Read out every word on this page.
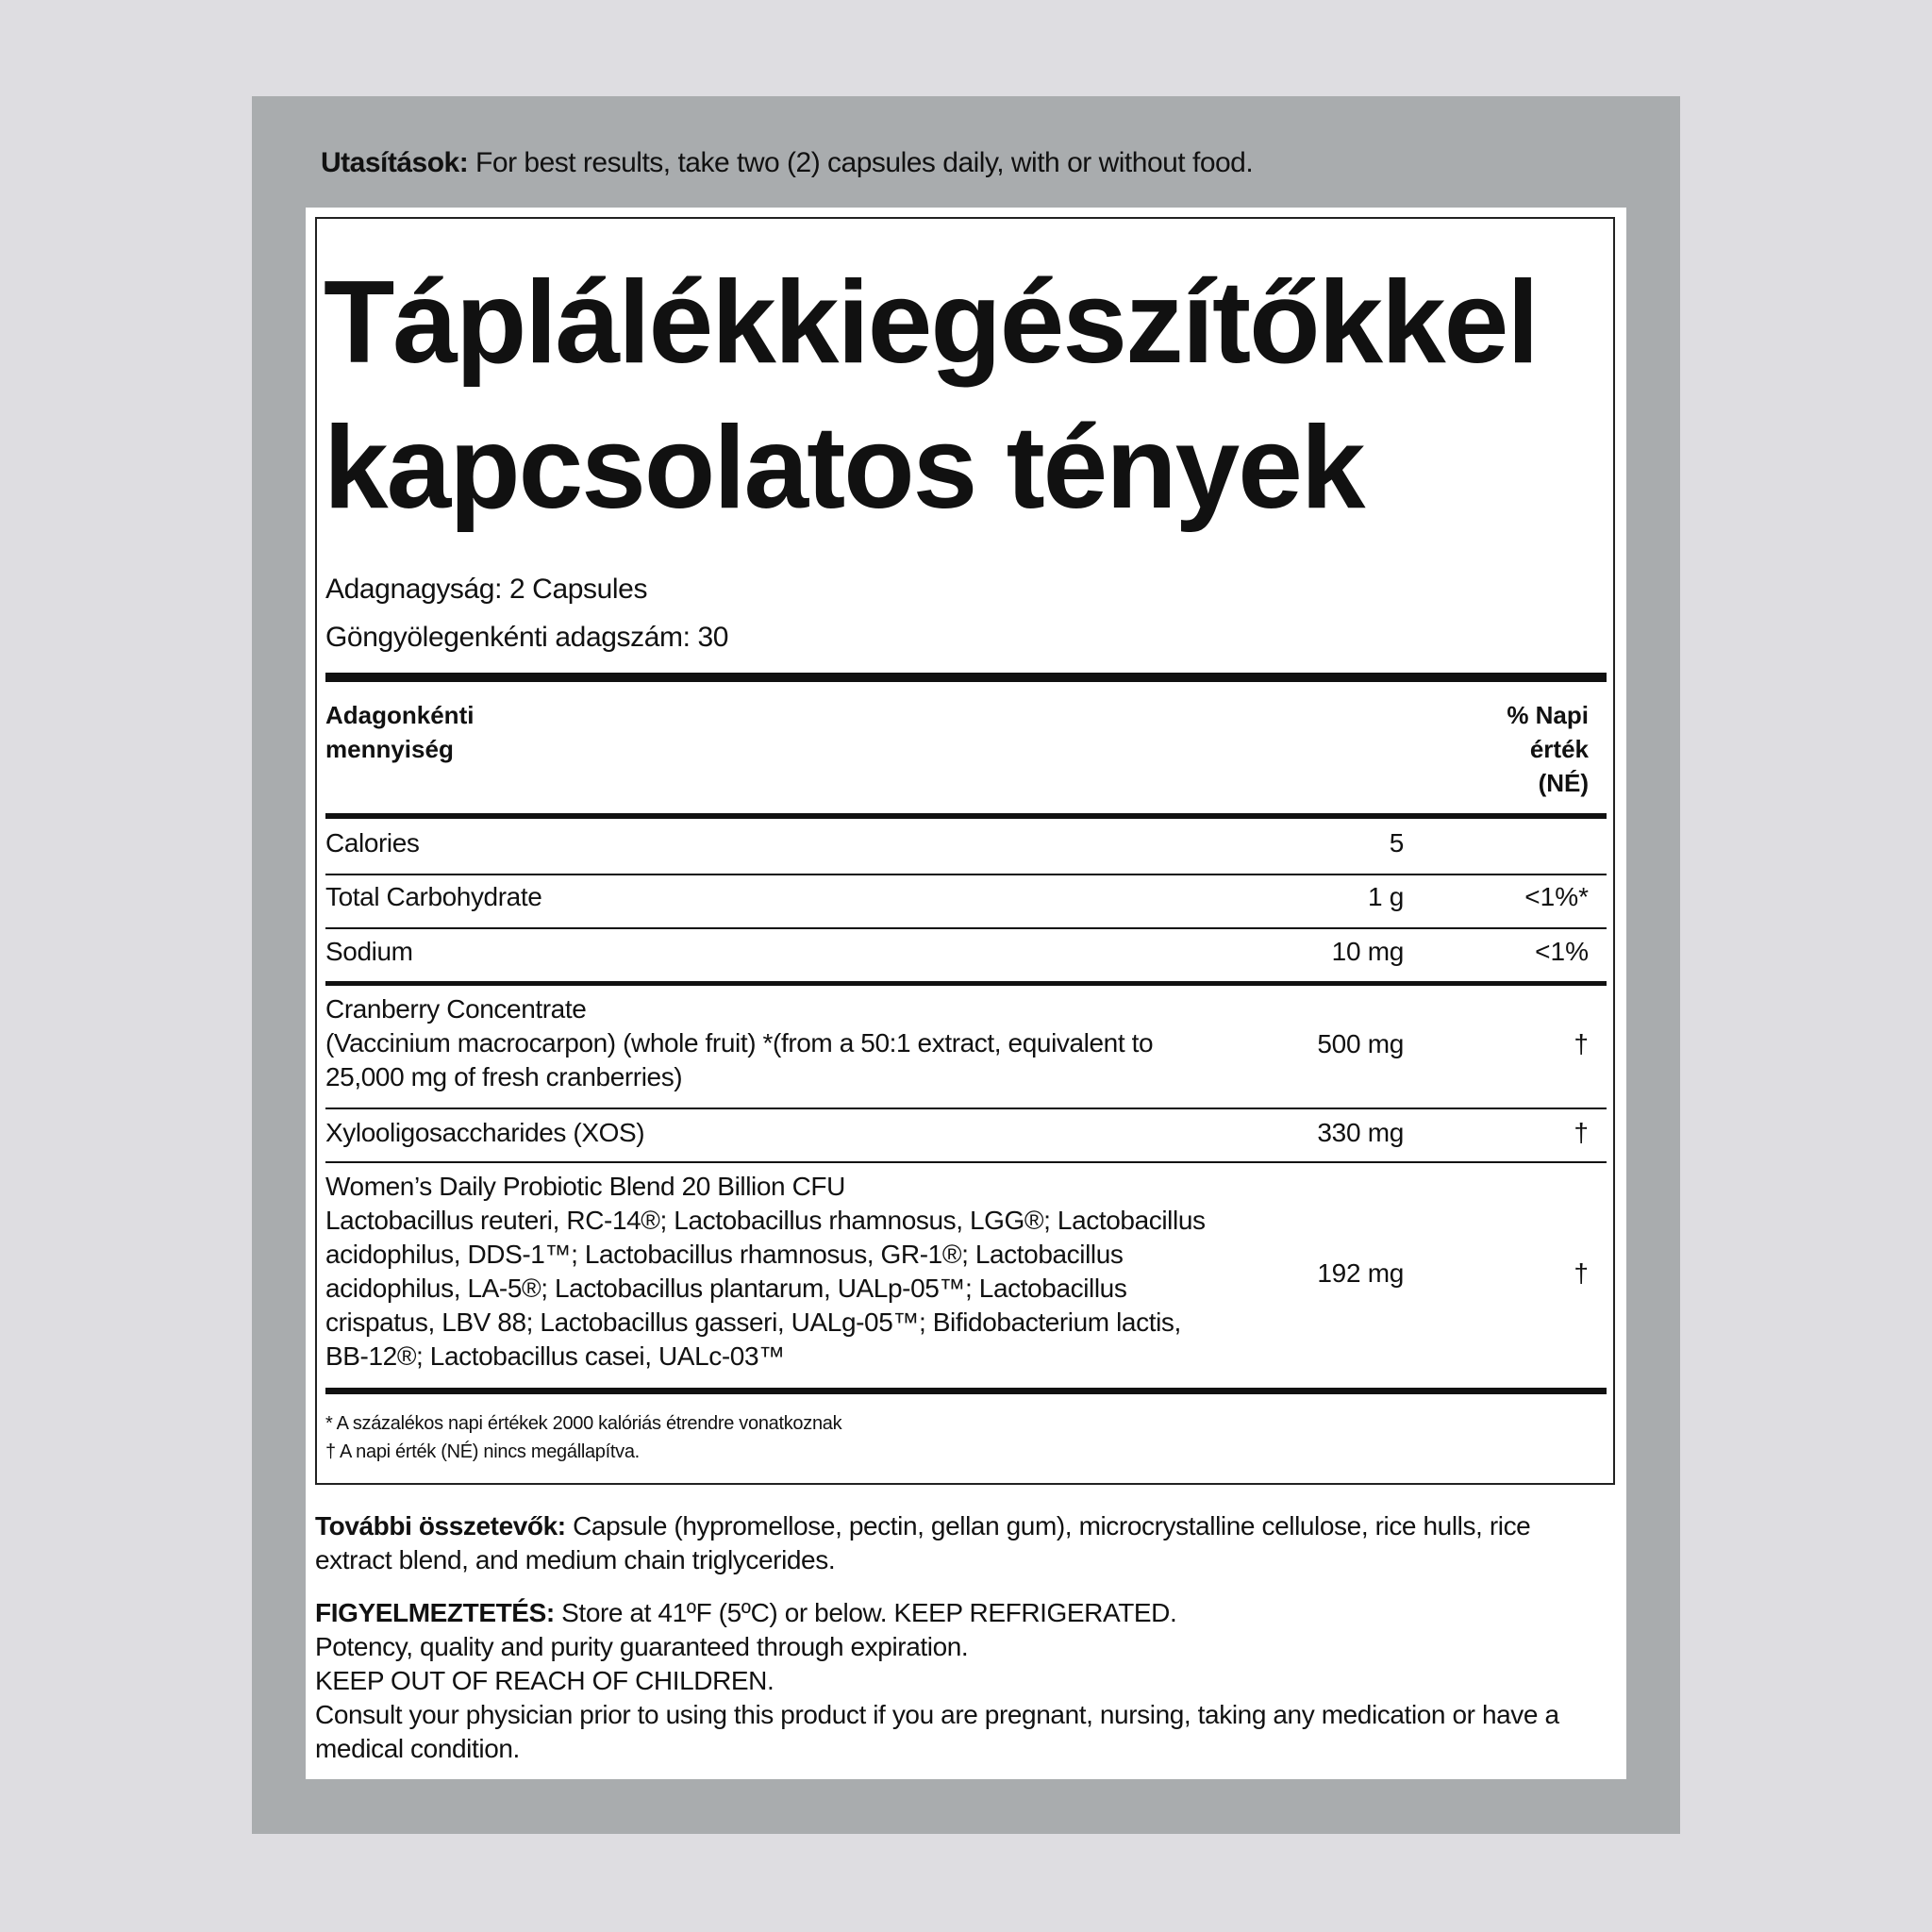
Utasítások: For best results, take two (2) capsules daily, with or without food.
Táplálékkiegészítőkkel
kapcsolatos tények
Adagnagyság: 2 Capsules
Göngyölegenkénti adagszám: 30
Adagonkénti
mennyiség
% Napi
érték
(NÉ)
Calories	5
Total Carbohydrate	1 g	<1%*
Sodium	10 mg	<1%
Cranberry Concentrate
(Vaccinium macrocarpon) (whole fruit) *(from a 50:1 extract, equivalent to
25,000 mg of fresh cranberries)
500 mg	†
Xylooligosaccharides (XOS)	330 mg	†
Women’s Daily Probiotic Blend 20 Billion CFU
Lactobacillus reuteri, RC-14®; Lactobacillus rhamnosus, LGG®; Lactobacillus
acidophilus, DDS-1™; Lactobacillus rhamnosus, GR-1®; Lactobacillus
acidophilus, LA-5®; Lactobacillus plantarum, UALp-05™; Lactobacillus
crispatus, LBV 88; Lactobacillus gasseri, UALg-05™; Bifidobacterium lactis,
BB-12®; Lactobacillus casei, UALc-03™
192 mg	†
* A százalékos napi értékek 2000 kalóriás étrendre vonatkoznak
† A napi érték (NÉ) nincs megállapítva.
További összetevők: Capsule (hypromellose, pectin, gellan gum), microcrystalline cellulose, rice hulls, rice extract blend, and medium chain triglycerides.
FIGYELMEZTETÉS: Store at 41ºF (5ºC) or below. KEEP REFRIGERATED.
Potency, quality and purity guaranteed through expiration.
KEEP OUT OF REACH OF CHILDREN.
Consult your physician prior to using this product if you are pregnant, nursing, taking any medication or have a medical condition.
